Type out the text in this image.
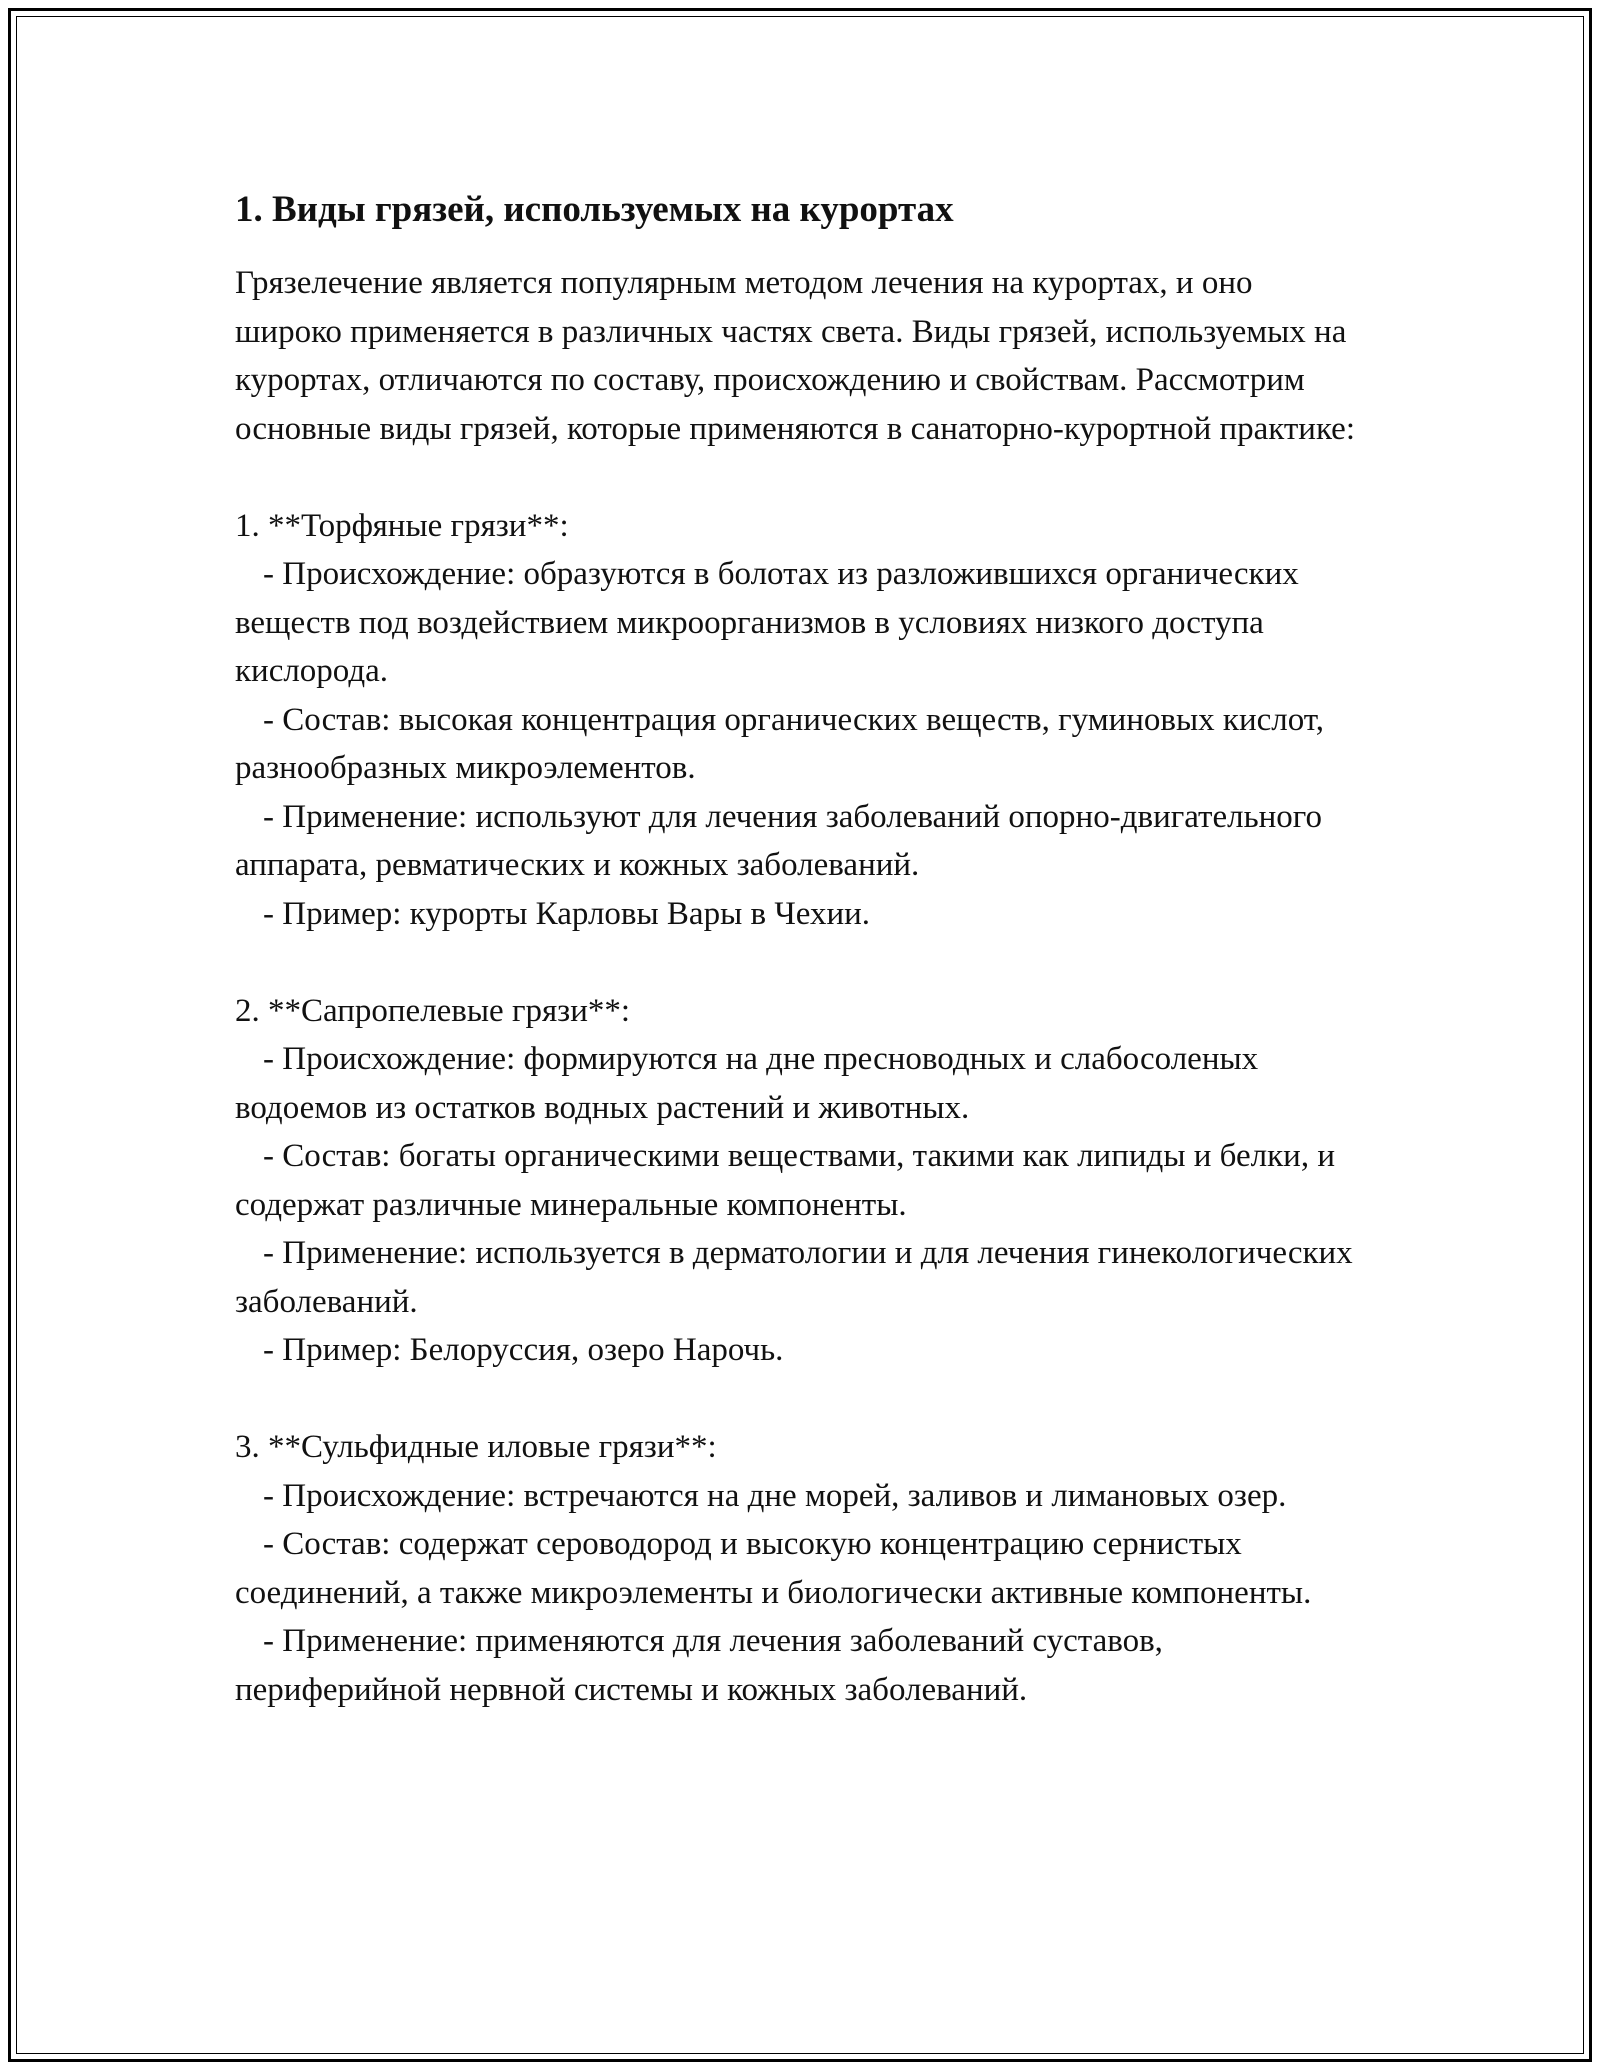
1. Виды грязей, используемых на курортах

Грязелечение является популярным методом лечения на курортах, и оно широко применяется в различных частях света. Виды грязей, используемых на курортах, отличаются по составу, происхождению и свойствам. Рассмотрим основные виды грязей, которые применяются в санаторно-курортной практике:

1. **Торфяные грязи**:

- Происхождение: образуются в болотах из разложившихся органических веществ под воздействием микроорганизмов в условиях низкого доступа кислорода.

- Состав: высокая концентрация органических веществ, гуминовых кислот, разнообразных микроэлементов.

- Применение: используют для лечения заболеваний опорно-двигательного аппарата, ревматических и кожных заболеваний.

- Пример: курорты Карловы Вары в Чехии.

2. **Сапропелевые грязи**:

- Происхождение: формируются на дне пресноводных и слабосоленых водоемов из остатков водных растений и животных.

- Состав: богаты органическими веществами, такими как липиды и белки, и содержат различные минеральные компоненты.

- Применение: используется в дерматологии и для лечения гинекологических заболеваний.

- Пример: Белоруссия, озеро Нарочь.

3. **Сульфидные иловые грязи**:

- Происхождение: встречаются на дне морей, заливов и лимановых озер.

- Состав: содержат сероводород и высокую концентрацию сернистых соединений, а также микроэлементы и биологически активные компоненты.

- Применение: применяются для лечения заболеваний суставов, периферийной нервной системы и кожных заболеваний.
